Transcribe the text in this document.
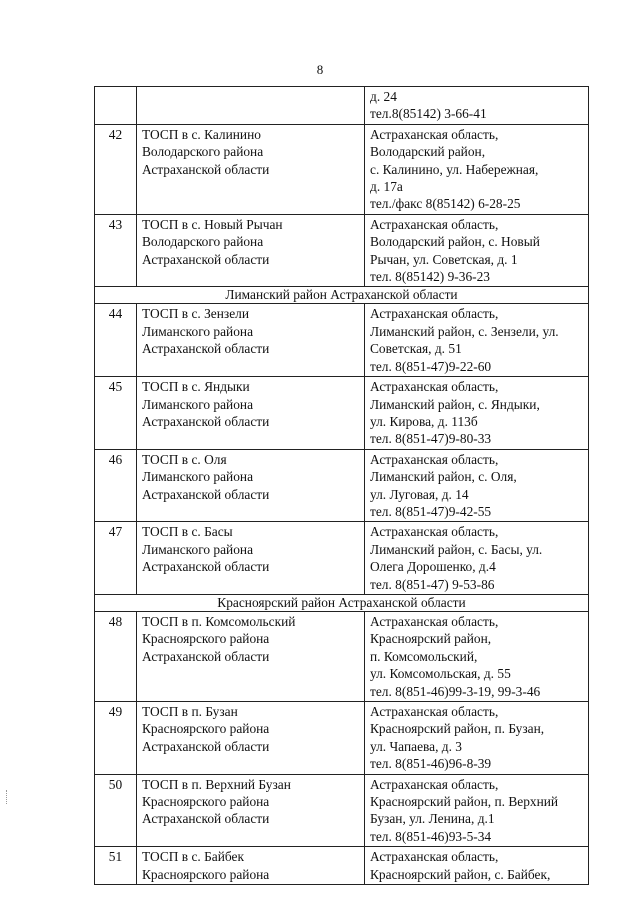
8

		д. 24
тел.8(85142) 3-66-41

42	ТОСП в с. Калинино
Володарского района
Астраханской области	Астраханская область,
Володарский район,
с. Калинино, ул. Набережная,
д. 17а
тел./факс 8(85142) 6-28-25

43	ТОСП в с. Новый Рычан
Володарского района
Астраханской области	Астраханская область,
Володарский район, с. Новый
Рычан, ул. Советская, д. 1
тел. 8(85142) 9-36-23

Лиманский район Астраханской области		
44	ТОСП в с. Зензели
Лиманского района
Астраханской области	Астраханская область,
Лиманский район, с. Зензели, ул.
Советская, д. 51
тел. 8(851-47)9-22-60

45	ТОСП в с. Яндыки
Лиманского района
Астраханской области	Астраханская область,
Лиманский район, с. Яндыки,
ул. Кирова, д. 113б
тел. 8(851-47)9-80-33

46	ТОСП в с. Оля
Лиманского района
Астраханской области	Астраханская область,
Лиманский район, с. Оля,
ул. Луговая, д. 14
тел. 8(851-47)9-42-55

47	ТОСП в с. Басы
Лиманского района
Астраханской области	Астраханская область,
Лиманский район, с. Басы, ул.
Олега Дорошенко, д.4
тел. 8(851-47) 9-53-86

Красноярский район Астраханской области		
48	ТОСП в п. Комсомольский
Красноярского района
Астраханской области	Астраханская область,
Красноярский район,
п. Комсомольский,
ул. Комсомольская, д. 55
тел. 8(851-46)99-3-19, 99-3-46

49	ТОСП в п. Бузан
Красноярского района
Астраханской области	Астраханская область,
Красноярский район, п. Бузан,
ул. Чапаева, д. 3
тел. 8(851-46)96-8-39

50	ТОСП в п. Верхний Бузан
Красноярского района
Астраханской области	Астраханская область,
Красноярский район, п. Верхний
Бузан, ул. Ленина, д.1
тел. 8(851-46)93-5-34

51	ТОСП в с. Байбек
Красноярского района	Астраханская область,
Красноярский район, с. Байбек,
